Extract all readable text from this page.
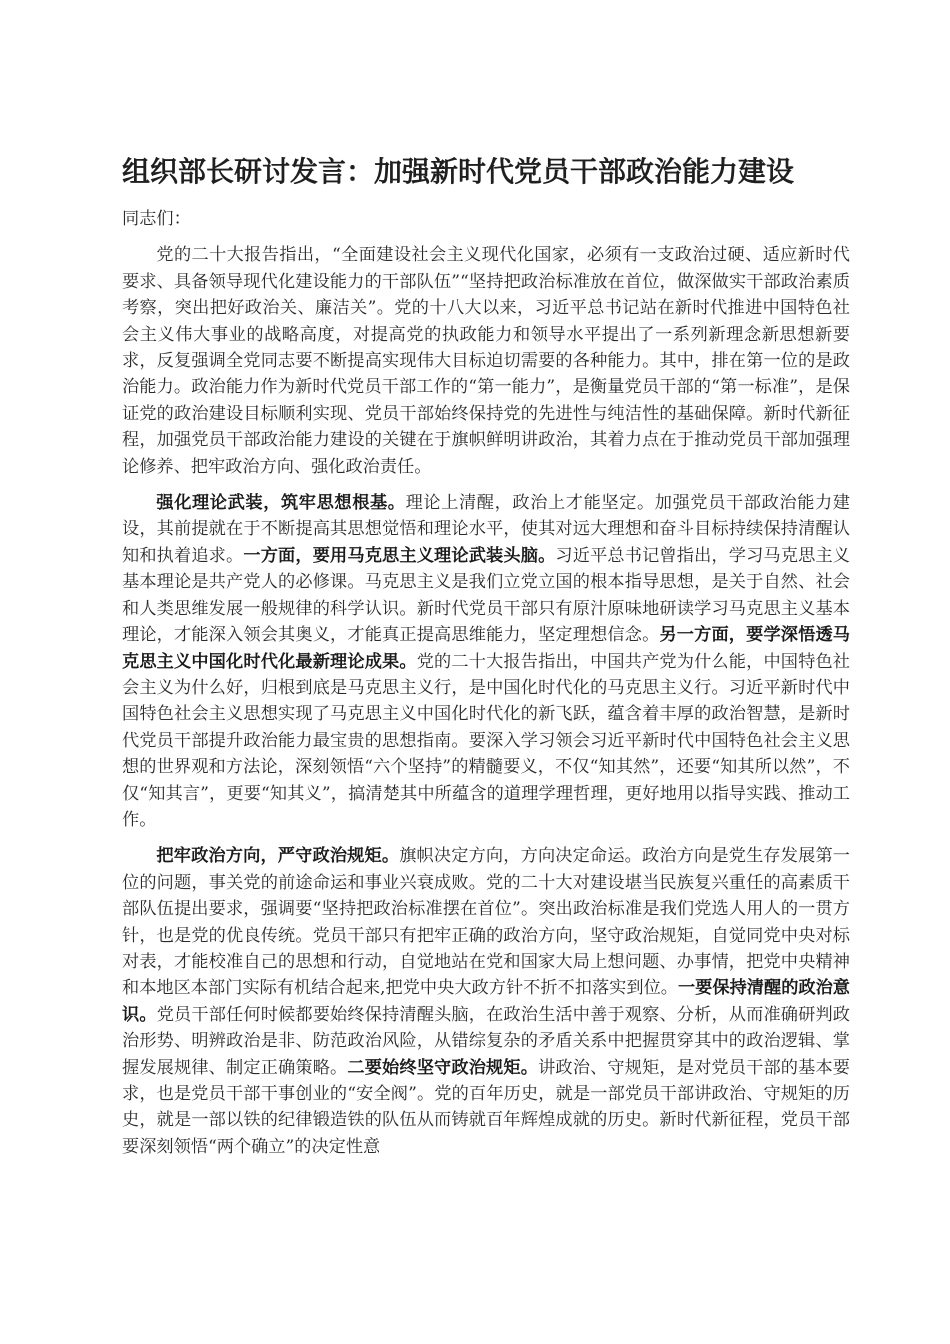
组织部长研讨发言：加强新时代党员干部政治能力建设

同志们：

党的二十大报告指出，“全面建设社会主义现代化国家，必须有一支政治过硬、适应新时代要求、具备领导现代化建设能力的干部队伍”“坚持把政治标准放在首位，做深做实干部政治素质考察，突出把好政治关、廉洁关”。党的十八大以来，习近平总书记站在新时代推进中国特色社会主义伟大事业的战略高度，对提高党的执政能力和领导水平提出了一系列新理念新思想新要求，反复强调全党同志要不断提高实现伟大目标迫切需要的各种能力。其中，排在第一位的是政治能力。政治能力作为新时代党员干部工作的“第一能力”，是衡量党员干部的“第一标准”，是保证党的政治建设目标顺利实现、党员干部始终保持党的先进性与纯洁性的基础保障。新时代新征程，加强党员干部政治能力建设的关键在于旗帜鲜明讲政治，其着力点在于推动党员干部加强理论修养、把牢政治方向、强化政治责任。

强化理论武装，筑牢思想根基。理论上清醒，政治上才能坚定。加强党员干部政治能力建设，其前提就在于不断提高其思想觉悟和理论水平，使其对远大理想和奋斗目标持续保持清醒认知和执着追求。一方面，要用马克思主义理论武装头脑。习近平总书记曾指出，学习马克思主义基本理论是共产党人的必修课。马克思主义是我们立党立国的根本指导思想，是关于自然、社会和人类思维发展一般规律的科学认识。新时代党员干部只有原汁原味地研读学习马克思主义基本理论，才能深入领会其奥义，才能真正提高思维能力，坚定理想信念。另一方面，要学深悟透马克思主义中国化时代化最新理论成果。党的二十大报告指出，中国共产党为什么能，中国特色社会主义为什么好，归根到底是马克思主义行，是中国化时代化的马克思主义行。习近平新时代中国特色社会主义思想实现了马克思主义中国化时代化的新飞跃，蕴含着丰厚的政治智慧，是新时代党员干部提升政治能力最宝贵的思想指南。要深入学习领会习近平新时代中国特色社会主义思想的世界观和方法论，深刻领悟“六个坚持”的精髓要义，不仅“知其然”，还要“知其所以然”，不仅“知其言”，更要“知其义”，搞清楚其中所蕴含的道理学理哲理，更好地用以指导实践、推动工作。

把牢政治方向，严守政治规矩。旗帜决定方向，方向决定命运。政治方向是党生存发展第一位的问题，事关党的前途命运和事业兴衰成败。党的二十大对建设堪当民族复兴重任的高素质干部队伍提出要求，强调要“坚持把政治标准摆在首位”。突出政治标准是我们党选人用人的一贯方针，也是党的优良传统。党员干部只有把牢正确的政治方向，坚守政治规矩，自觉同党中央对标对表，才能校准自己的思想和行动，自觉地站在党和国家大局上想问题、办事情，把党中央精神和本地区本部门实际有机结合起来,把党中央大政方针不折不扣落实到位。一要保持清醒的政治意识。党员干部任何时候都要始终保持清醒头脑，在政治生活中善于观察、分析，从而准确研判政治形势、明辨政治是非、防范政治风险，从错综复杂的矛盾关系中把握贯穿其中的政治逻辑、掌握发展规律、制定正确策略。二要始终坚守政治规矩。讲政治、守规矩，是对党员干部的基本要求，也是党员干部干事创业的“安全阀”。党的百年历史，就是一部党员干部讲政治、守规矩的历史，就是一部以铁的纪律锻造铁的队伍从而铸就百年辉煌成就的历史。新时代新征程，党员干部要深刻领悟“两个确立”的决定性意
